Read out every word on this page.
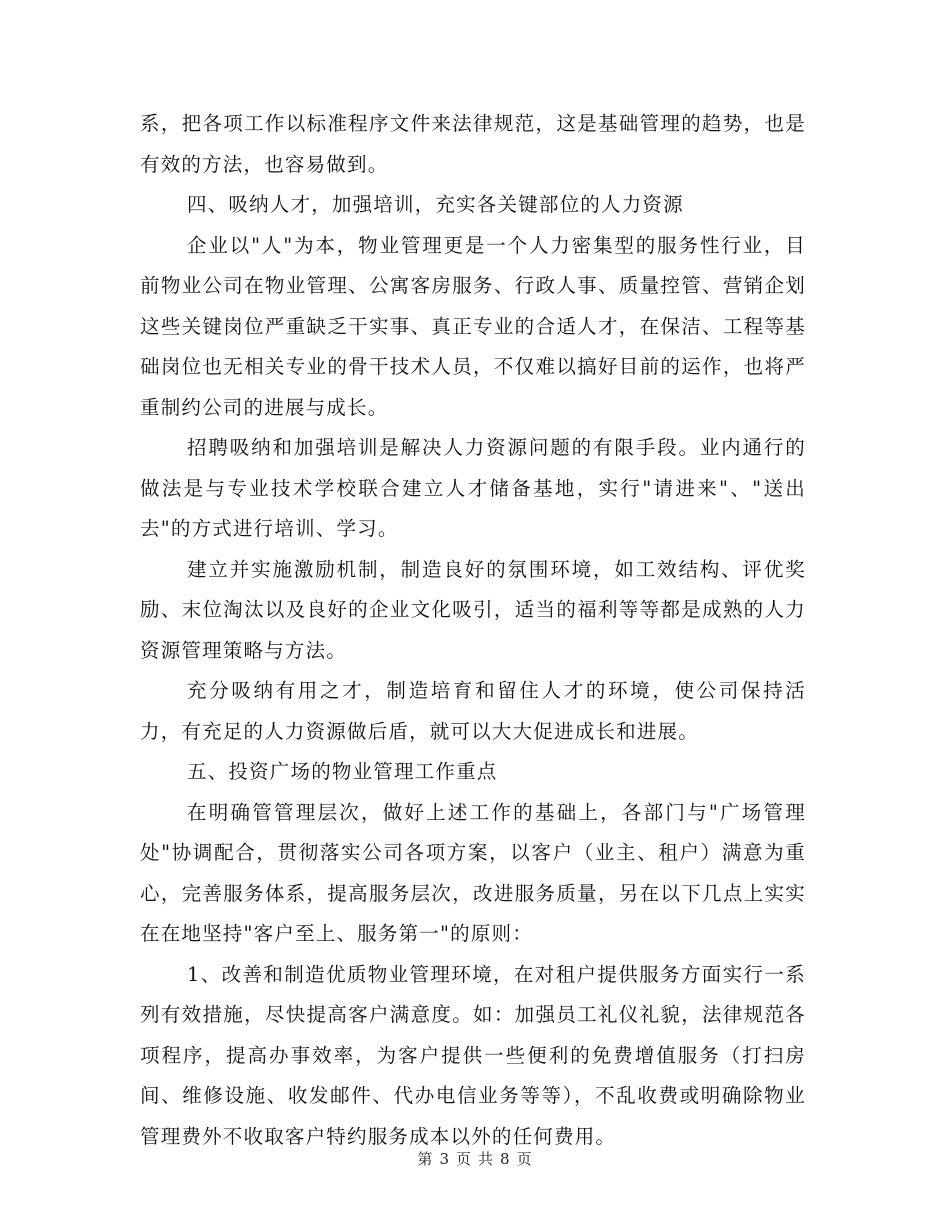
系，把各项工作以标准程序文件来法律规范，这是基础管理的趋势，也是有效的方法，也容易做到。

四、吸纳人才，加强培训，充实各关键部位的人力资源

企业以"人"为本，物业管理更是一个人力密集型的服务性行业，目前物业公司在物业管理、公寓客房服务、行政人事、质量控管、营销企划这些关键岗位严重缺乏干实事、真正专业的合适人才，在保洁、工程等基础岗位也无相关专业的骨干技术人员，不仅难以搞好目前的运作，也将严重制约公司的进展与成长。

招聘吸纳和加强培训是解决人力资源问题的有限手段。业内通行的做法是与专业技术学校联合建立人才储备基地，实行"请进来"、"送出去"的方式进行培训、学习。

建立并实施激励机制，制造良好的氛围环境，如工效结构、评优奖励、末位淘汰以及良好的企业文化吸引，适当的福利等等都是成熟的人力资源管理策略与方法。

充分吸纳有用之才，制造培育和留住人才的环境，使公司保持活力，有充足的人力资源做后盾，就可以大大促进成长和进展。

五、投资广场的物业管理工作重点

在明确管管理层次，做好上述工作的基础上，各部门与"广场管理处"协调配合，贯彻落实公司各项方案，以客户（业主、租户）满意为重心，完善服务体系，提高服务层次，改进服务质量，另在以下几点上实实在在地坚持"客户至上、服务第一"的原则：

1、改善和制造优质物业管理环境，在对租户提供服务方面实行一系列有效措施，尽快提高客户满意度。如：加强员工礼仪礼貌，法律规范各项程序，提高办事效率，为客户提供一些便利的免费增值服务（打扫房间、维修设施、收发邮件、代办电信业务等等），不乱收费或明确除物业管理费外不收取客户特约服务成本以外的任何费用。

第 3 页 共 8 页
